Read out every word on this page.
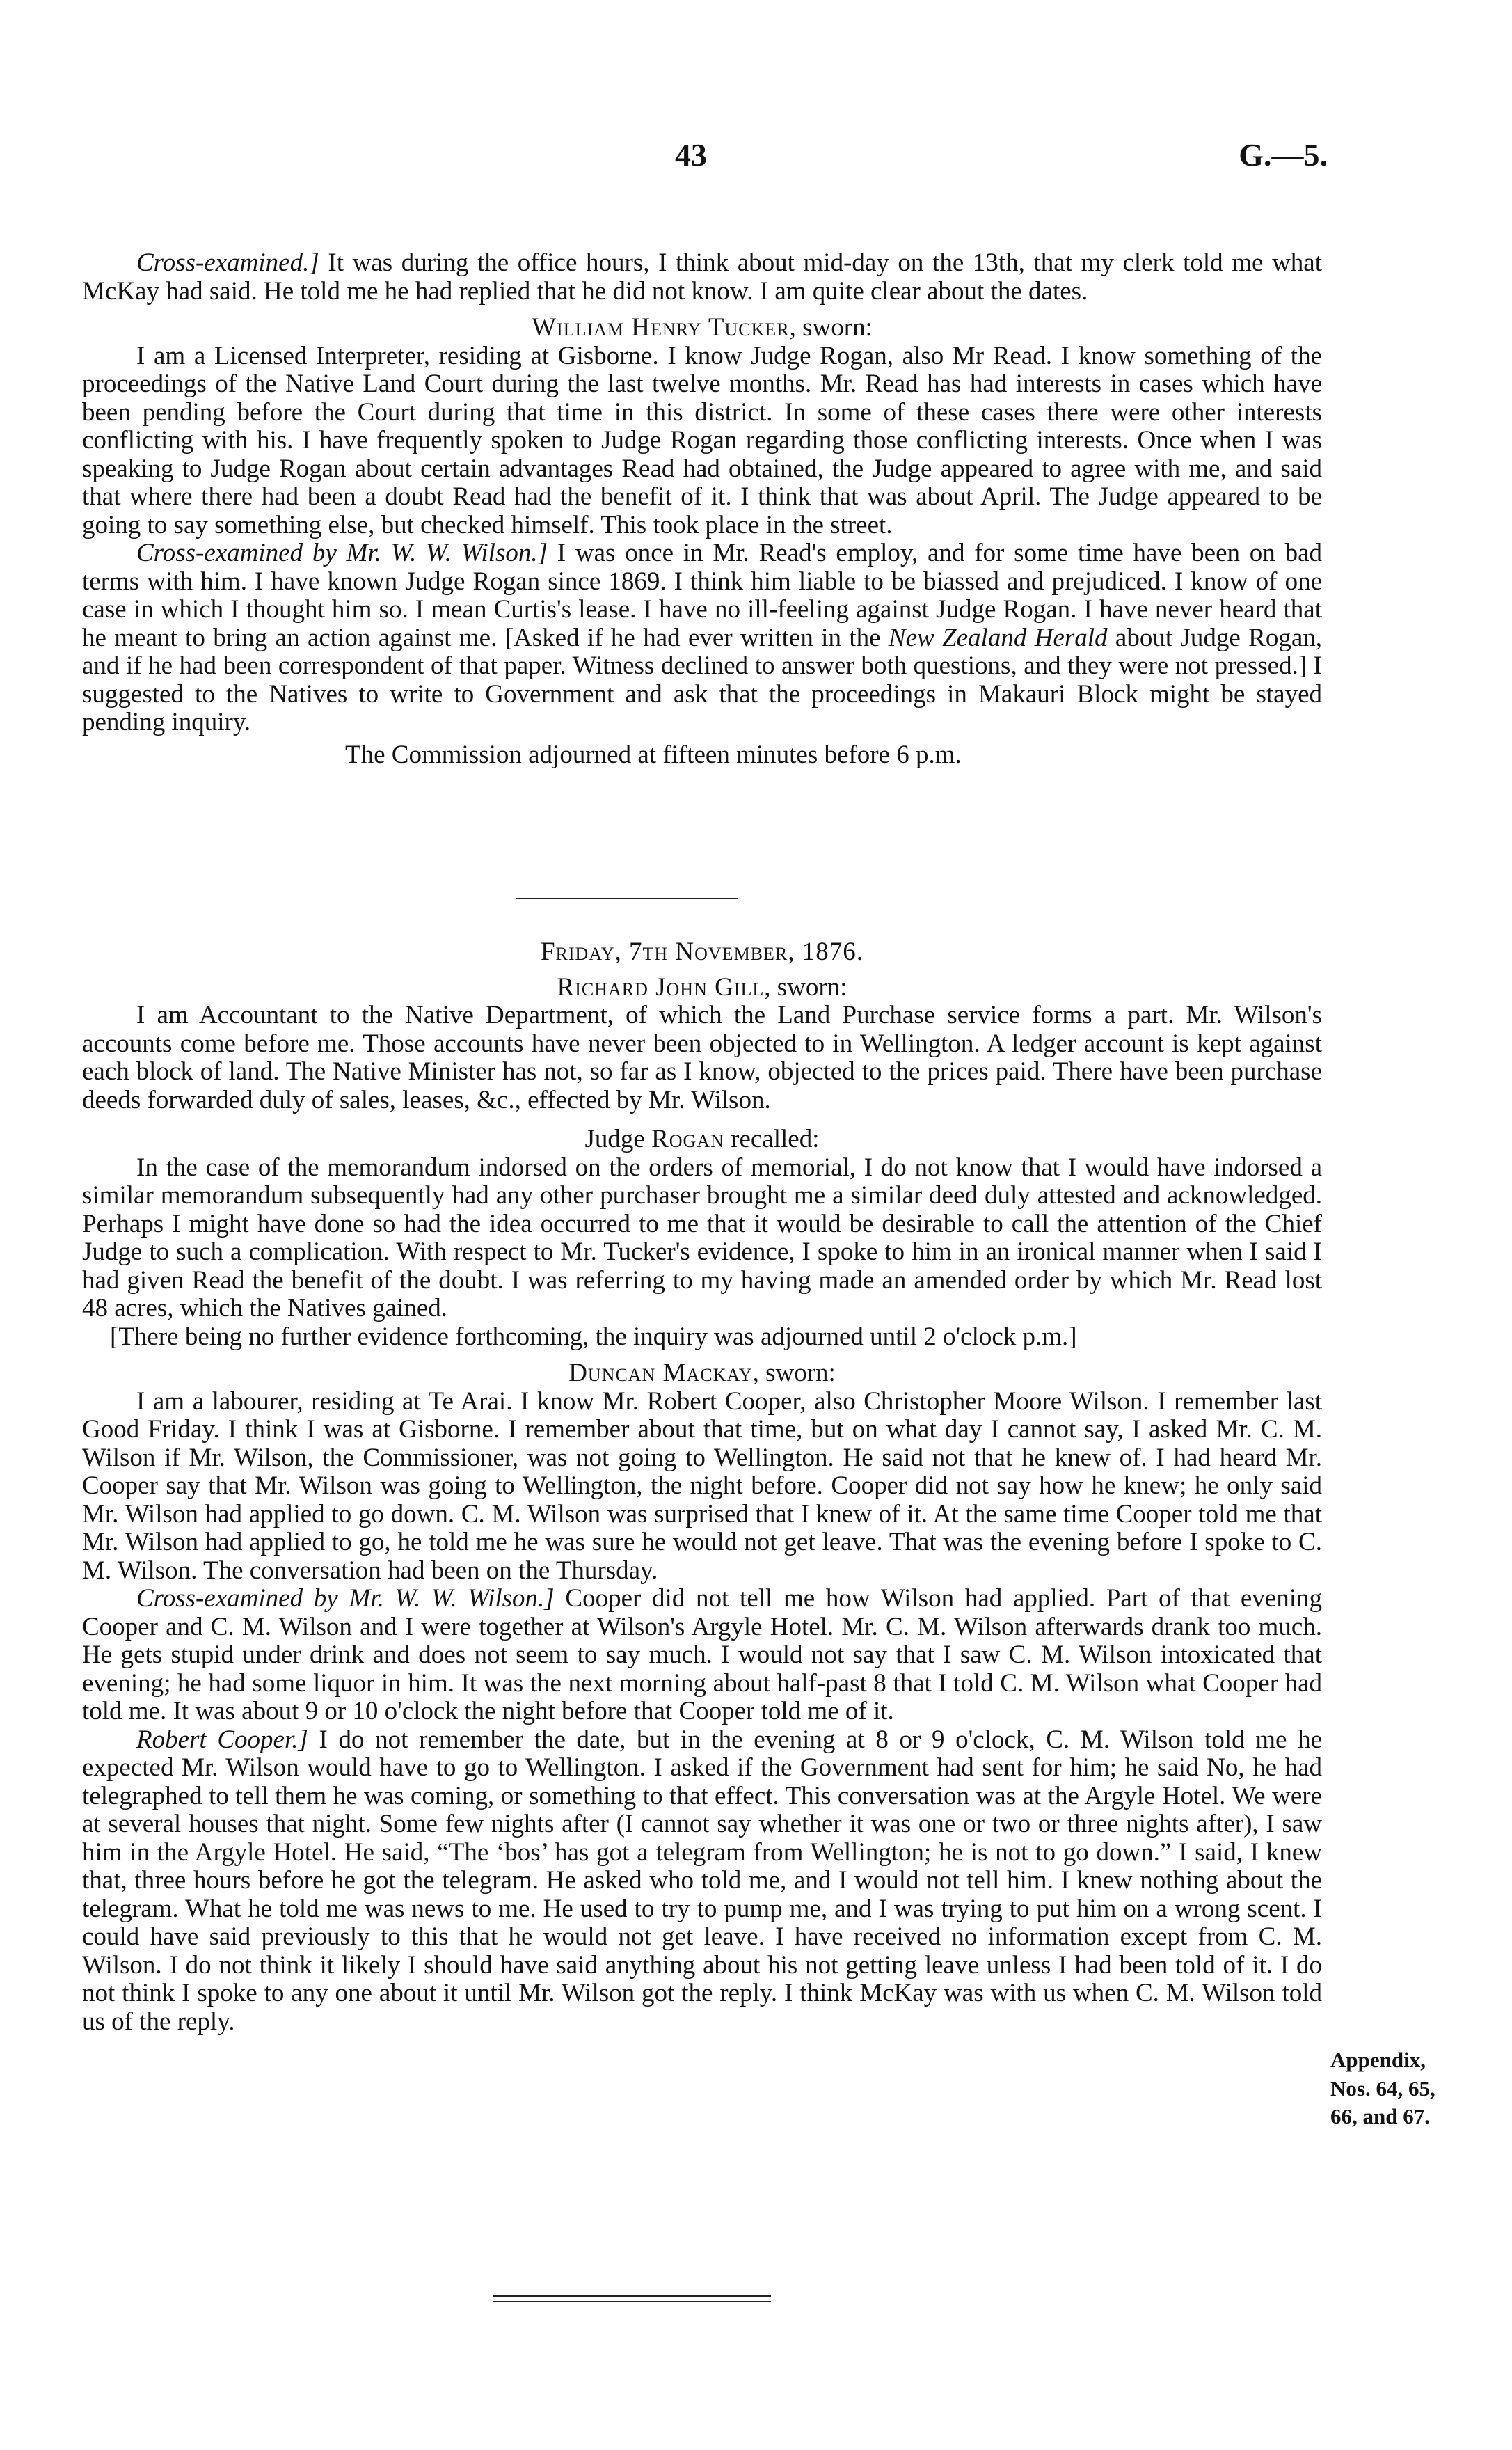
43	G.—5.

Cross-examined.] It was during the office hours, I think about mid-day on the 13th, that my clerk told me what McKay had said. He told me he had replied that he did not know. I am quite clear about the dates.

William Henry Tucker, sworn:

I am a Licensed Interpreter, residing at Gisborne. I know Judge Rogan, also Mr Read. I know something of the proceedings of the Native Land Court during the last twelve months. Mr. Read has had interests in cases which have been pending before the Court during that time in this district. In some of these cases there were other interests conflicting with his. I have frequently spoken to Judge Rogan regarding those conflicting interests. Once when I was speaking to Judge Rogan about certain advantages Read had obtained, the Judge appeared to agree with me, and said that where there had been a doubt Read had the benefit of it. I think that was about April. The Judge appeared to be going to say something else, but checked himself. This took place in the street.

Cross-examined by Mr. W. W. Wilson.] I was once in Mr. Read's employ, and for some time have been on bad terms with him. I have known Judge Rogan since 1869. I think him liable to be biassed and prejudiced. I know of one case in which I thought him so. I mean Curtis's lease. I have no ill-feeling against Judge Rogan. I have never heard that he meant to bring an action against me. [Asked if he had ever written in the New Zealand Herald about Judge Rogan, and if he had been correspondent of that paper. Witness declined to answer both questions, and they were not pressed.] I suggested to the Natives to write to Government and ask that the proceedings in Makauri Block might be stayed pending inquiry.

The Commission adjourned at fifteen minutes before 6 p.m.

Friday, 7th November, 1876.
Richard John Gill, sworn:

I am Accountant to the Native Department, of which the Land Purchase service forms a part. Mr. Wilson's accounts come before me. Those accounts have never been objected to in Wellington. A ledger account is kept against each block of land. The Native Minister has not, so far as I know, objected to the prices paid. There have been purchase deeds forwarded duly of sales, leases, &c., effected by Mr. Wilson.

Judge Rogan recalled:

In the case of the memorandum indorsed on the orders of memorial, I do not know that I would have indorsed a similar memorandum subsequently had any other purchaser brought me a similar deed duly attested and acknowledged. Perhaps I might have done so had the idea occurred to me that it would be desirable to call the attention of the Chief Judge to such a complication. With respect to Mr. Tucker's evidence, I spoke to him in an ironical manner when I said I had given Read the benefit of the doubt. I was referring to my having made an amended order by which Mr. Read lost 48 acres, which the Natives gained.

[There being no further evidence forthcoming, the inquiry was adjourned until 2 o'clock p.m.]

Duncan Mackay, sworn:

I am a labourer, residing at Te Arai. I know Mr. Robert Cooper, also Christopher Moore Wilson. I remember last Good Friday. I think I was at Gisborne. I remember about that time, but on what day I cannot say, I asked Mr. C. M. Wilson if Mr. Wilson, the Commissioner, was not going to Wellington. He said not that he knew of. I had heard Mr. Cooper say that Mr. Wilson was going to Wellington, the night before. Cooper did not say how he knew; he only said Mr. Wilson had applied to go down. C. M. Wilson was surprised that I knew of it. At the same time Cooper told me that Mr. Wilson had applied to go, he told me he was sure he would not get leave. That was the evening before I spoke to C. M. Wilson. The conversation had been on the Thursday.

Cross-examined by Mr. W. W. Wilson.] Cooper did not tell me how Wilson had applied. Part of that evening Cooper and C. M. Wilson and I were together at Wilson's Argyle Hotel. Mr. C. M. Wilson afterwards drank too much. He gets stupid under drink and does not seem to say much. I would not say that I saw C. M. Wilson intoxicated that evening; he had some liquor in him. It was the next morning about half-past 8 that I told C. M. Wilson what Cooper had told me. It was about 9 or 10 o'clock the night before that Cooper told me of it.

Robert Cooper.] I do not remember the date, but in the evening at 8 or 9 o'clock, C. M. Wilson told me he expected Mr. Wilson would have to go to Wellington. I asked if the Government had sent for him; he said No, he had telegraphed to tell them he was coming, or something to that effect. This conversation was at the Argyle Hotel. We were at several houses that night. Some few nights after (I cannot say whether it was one or two or three nights after), I saw him in the Argyle Hotel. He said, “The ‘bos’ has got a telegram from Wellington; he is not to go down.” I said, I knew that, three hours before he got the telegram. He asked who told me, and I would not tell him. I knew nothing about the telegram. What he told me was news to me. He used to try to pump me, and I was trying to put him on a wrong scent. I could have said previously to this that he would not get leave. I have received no information except from C. M. Wilson. I do not think it likely I should have said anything about his not getting leave unless I had been told of it. I do not think I spoke to any one about it until Mr. Wilson got the reply. I think McKay was with us when C. M. Wilson told us of the reply.

Appendix,
Nos. 64, 65,
66, and 67.
